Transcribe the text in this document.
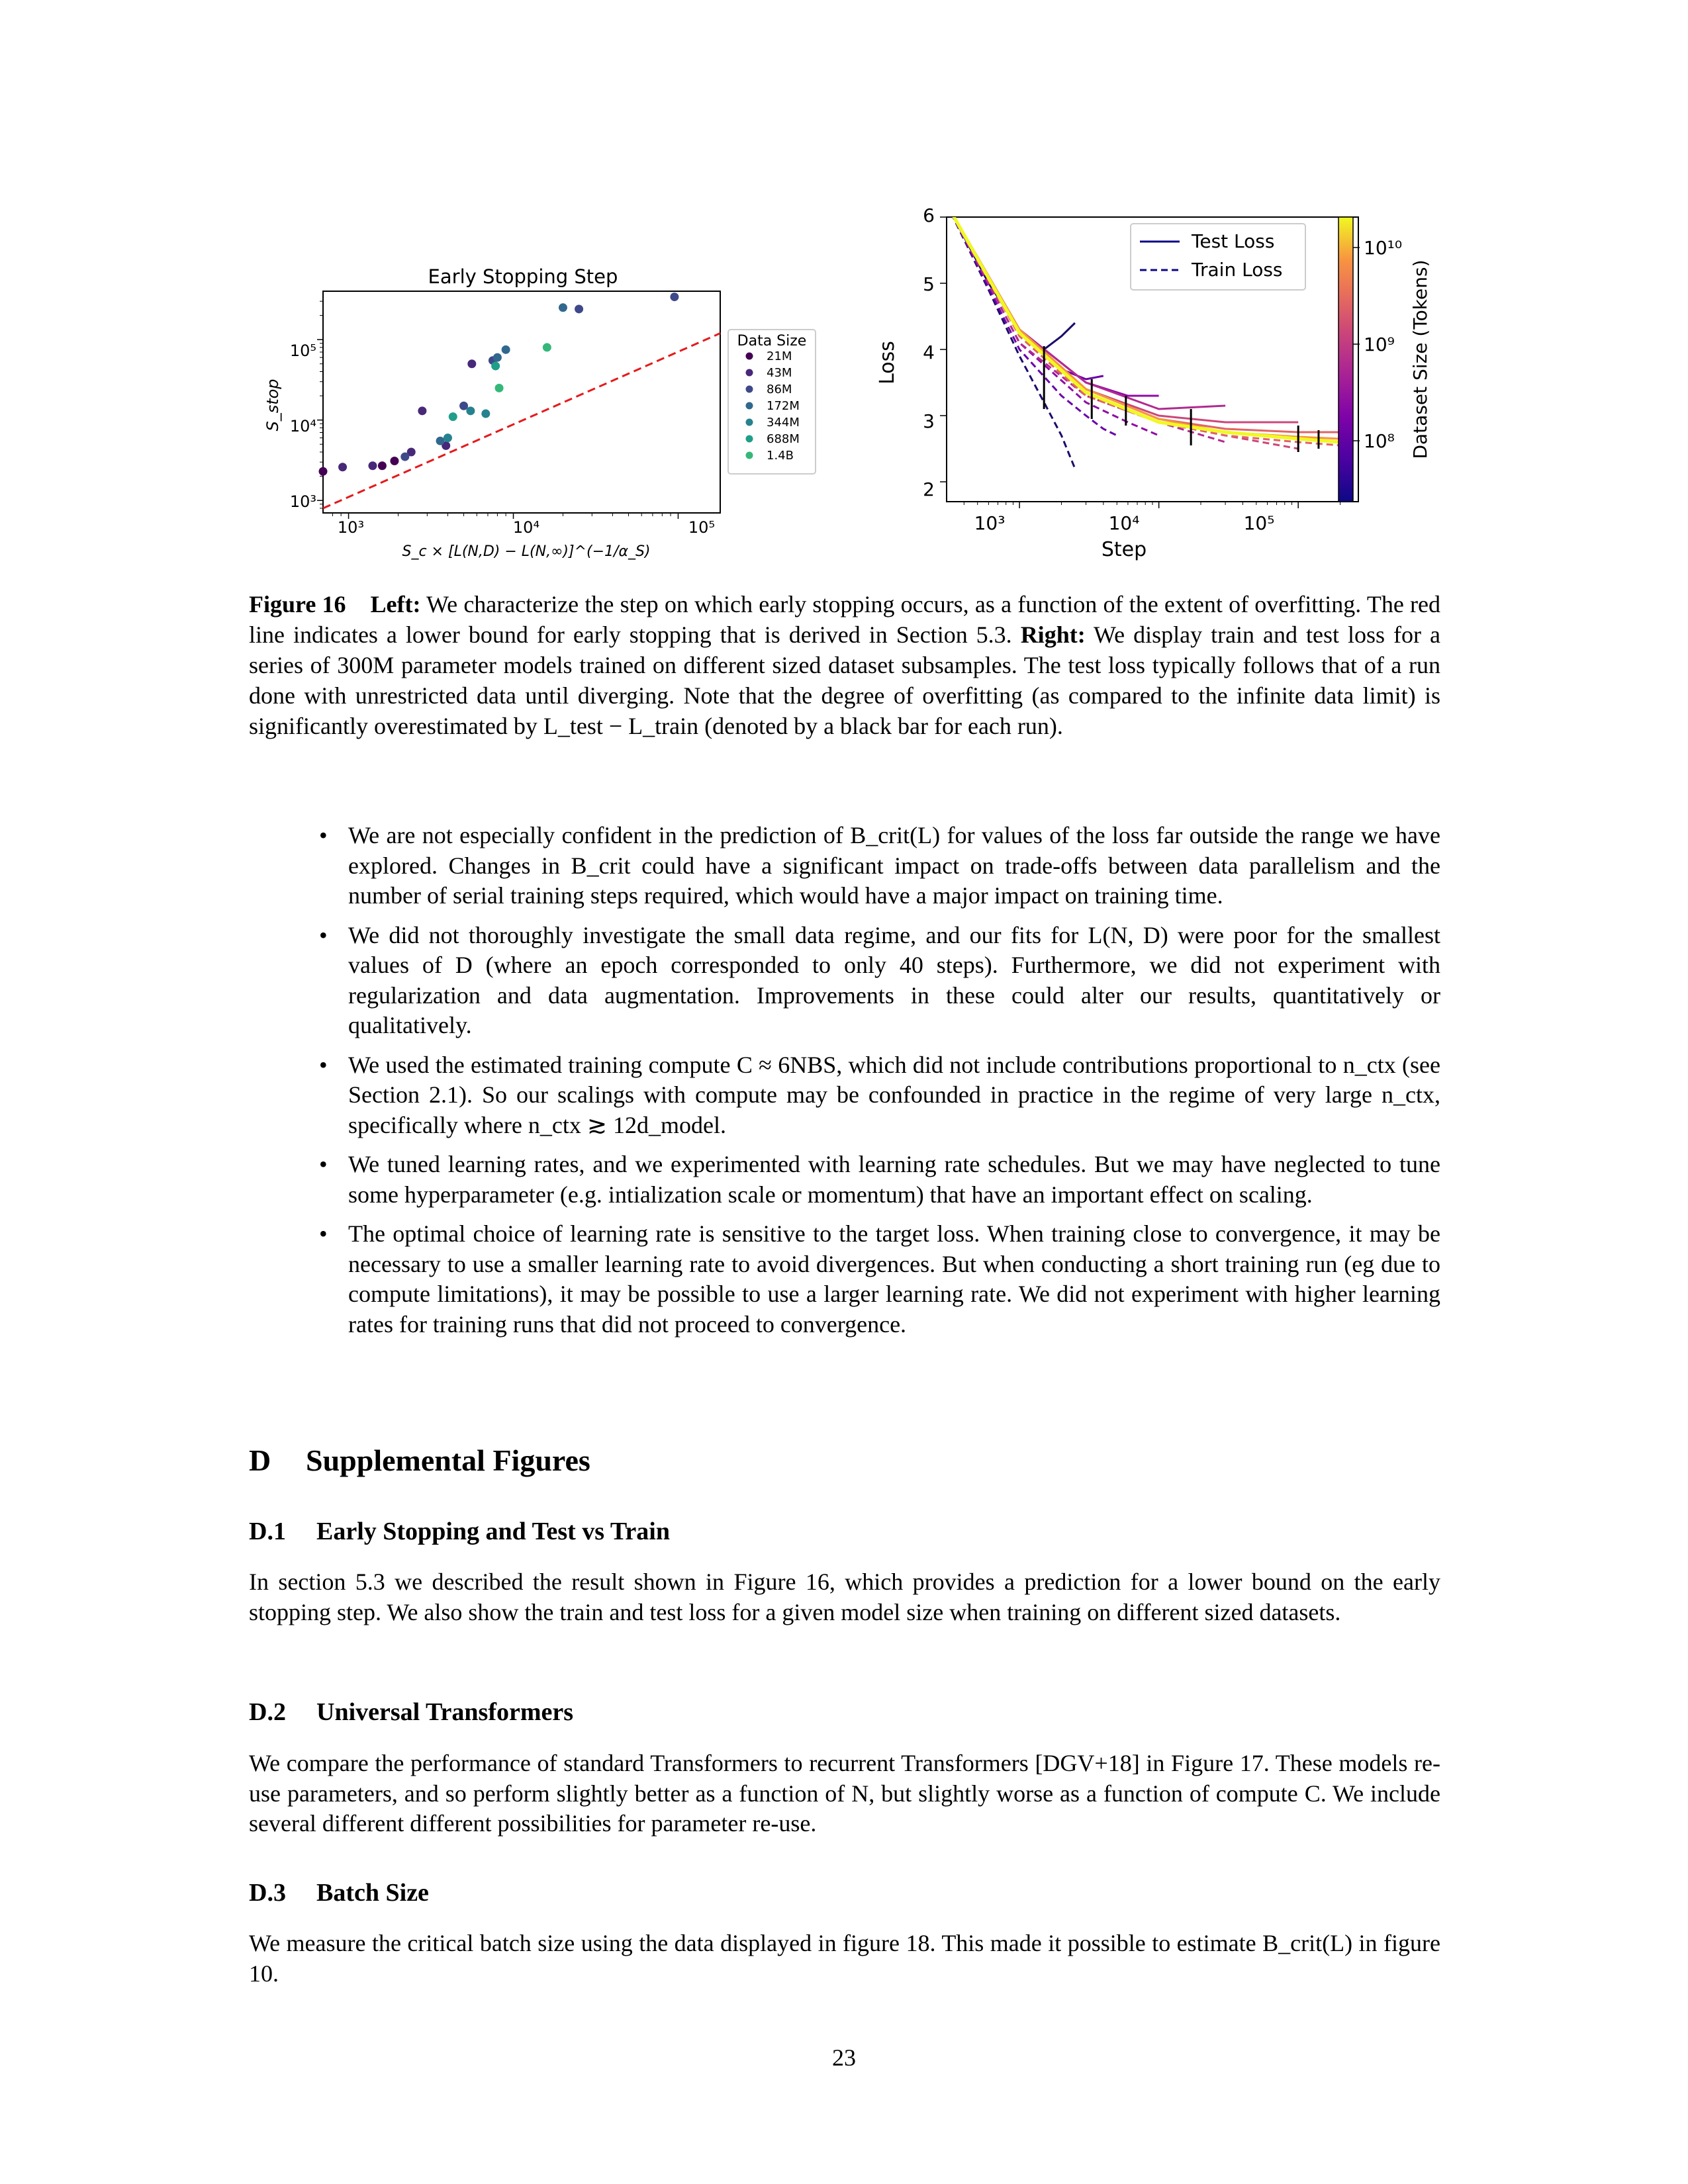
Early Stopping Step
10³	10⁴	10⁵
10³
10⁴
10⁵
S_c × [L(N,D) − L(N,∞)]^(−1/α_S)
S_stop
Data Size
21M
43M
86M
172M
344M
688M
1.4B
2
3
4
5
6
10³	10⁴	10⁵
Step
Loss
Test Loss
Train Loss
10¹⁰
10⁹
10⁸ Dataset Size (Tokens)
Figure 16 Left: We characterize the step on which early stopping occurs, as a function of the extent of overfitting. The red line indicates a lower bound for early stopping that is derived in Section 5.3. Right: We display train and test loss for a series of 300M parameter models trained on different sized dataset subsamples. The test loss typically follows that of a run done with unrestricted data until diverging. Note that the degree of overfitting (as compared to the infinite data limit) is significantly overestimated by L_test − L_train (denoted by a black bar for each run).
• We are not especially confident in the prediction of B_crit(L) for values of the loss far outside the range we have explored. Changes in B_crit could have a significant impact on trade-offs between data parallelism and the number of serial training steps required, which would have a major impact on training time.
• We did not thoroughly investigate the small data regime, and our fits for L(N, D) were poor for the smallest values of D (where an epoch corresponded to only 40 steps). Furthermore, we did not experiment with regularization and data augmentation. Improvements in these could alter our results, quantitatively or qualitatively.
• We used the estimated training compute C ≈ 6NBS, which did not include contributions proportional to n_ctx (see Section 2.1). So our scalings with compute may be confounded in practice in the regime of very large n_ctx, specifically where n_ctx ≳ 12d_model.
• We tuned learning rates, and we experimented with learning rate schedules. But we may have neglected to tune some hyperparameter (e.g. intialization scale or momentum) that have an important effect on scaling.
• The optimal choice of learning rate is sensitive to the target loss. When training close to convergence, it may be necessary to use a smaller learning rate to avoid divergences. But when conducting a short training run (eg due to compute limitations), it may be possible to use a larger learning rate. We did not experiment with higher learning rates for training runs that did not proceed to convergence.
D Supplemental Figures
D.1 Early Stopping and Test vs Train
In section 5.3 we described the result shown in Figure 16, which provides a prediction for a lower bound on the early stopping step. We also show the train and test loss for a given model size when training on different sized datasets.
D.2 Universal Transformers
We compare the performance of standard Transformers to recurrent Transformers [DGV+18] in Figure 17. These models re-use parameters, and so perform slightly better as a function of N, but slightly worse as a function of compute C. We include several different different possibilities for parameter re-use.
D.3 Batch Size
We measure the critical batch size using the data displayed in figure 18. This made it possible to estimate B_crit(L) in figure 10.
23
